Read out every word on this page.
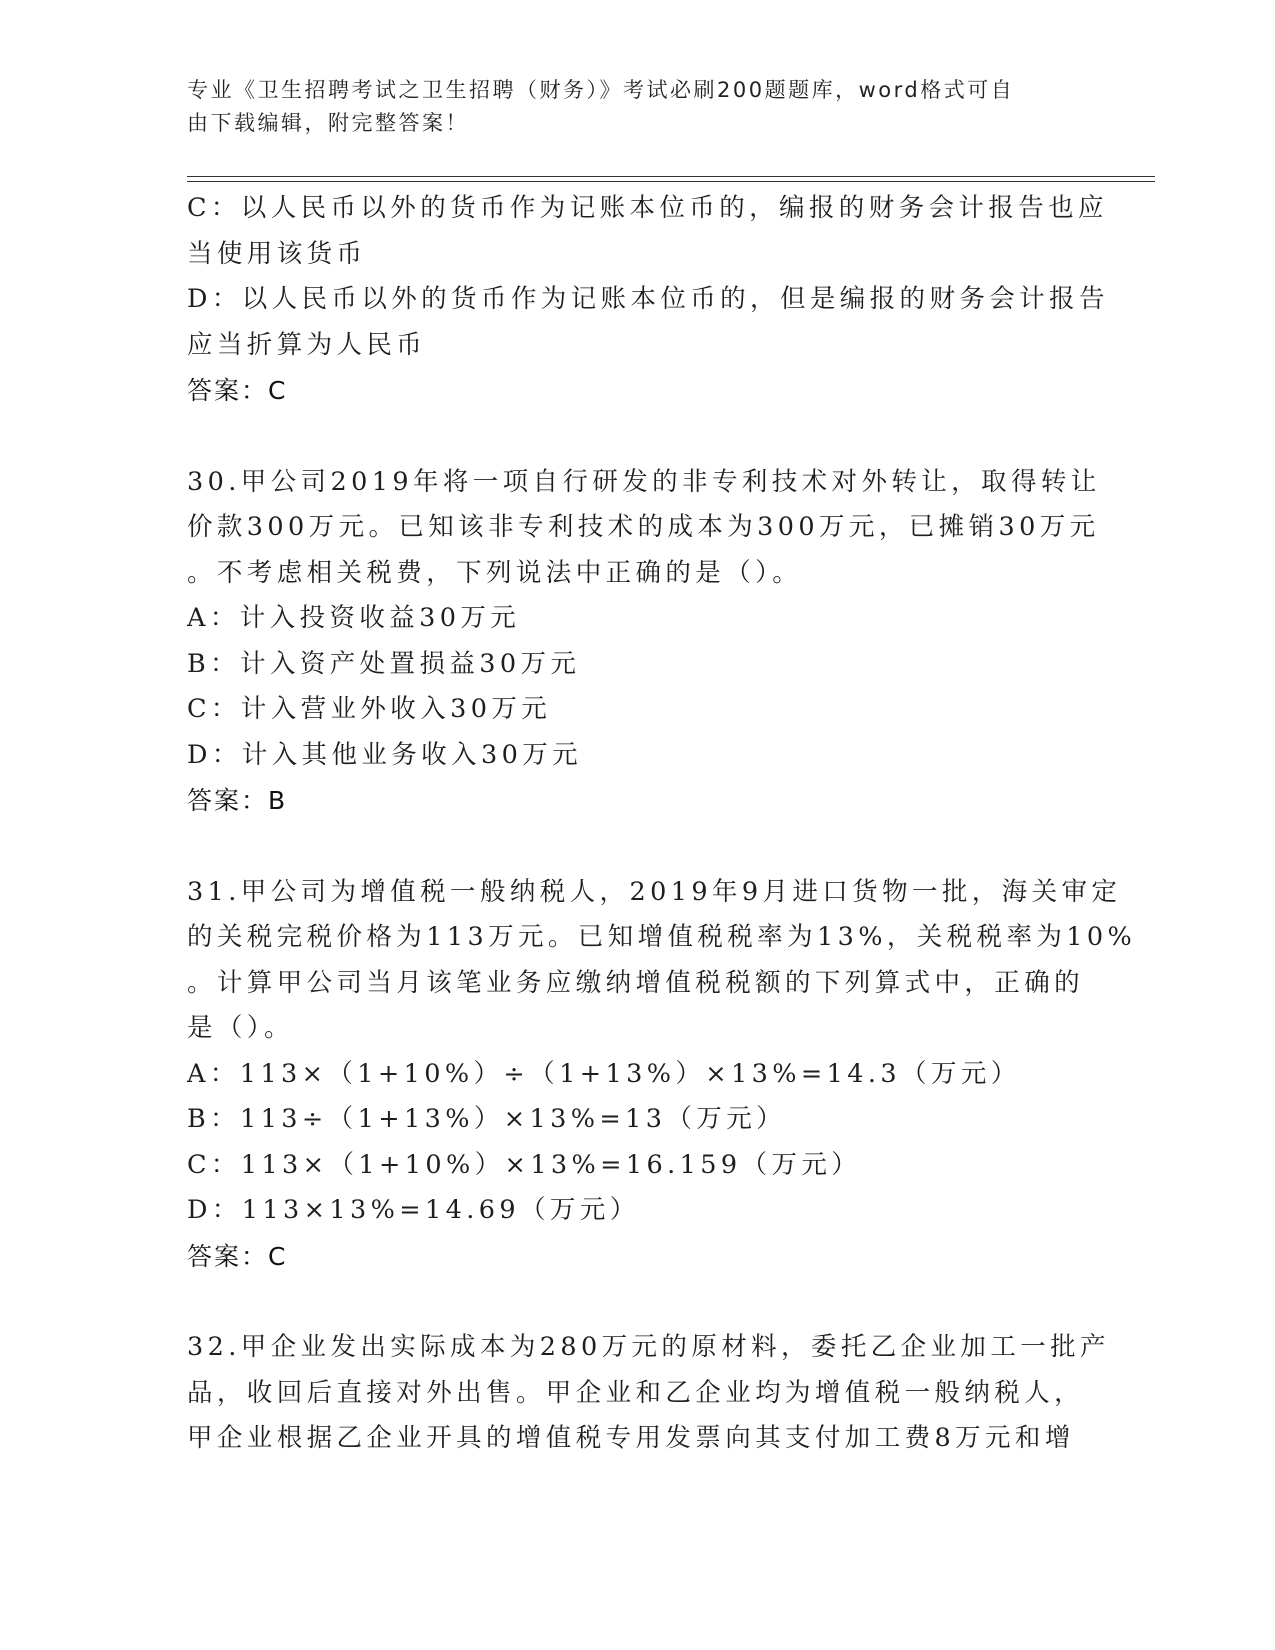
专业《卫生招聘考试之卫生招聘（财务）》考试必刷200题题库，word格式可自
由下载编辑，附完整答案！
C：以人民币以外的货币作为记账本位币的，编报的财务会计报告也应
当使用该货币
D：以人民币以外的货币作为记账本位币的，但是编报的财务会计报告
应当折算为人民币
答案：C
30.甲公司2019年将一项自行研发的非专利技术对外转让，取得转让
价款300万元。已知该非专利技术的成本为300万元，已摊销30万元
。不考虑相关税费，下列说法中正确的是（）。
A：计入投资收益30万元
B：计入资产处置损益30万元
C：计入营业外收入30万元
D：计入其他业务收入30万元
答案：B
31.甲公司为增值税一般纳税人，2019年9月进口货物一批，海关审定
的关税完税价格为113万元。已知增值税税率为13%，关税税率为10%
。计算甲公司当月该笔业务应缴纳增值税税额的下列算式中，正确的
是（）。
A：113×（1+10%）÷（1+13%）×13%=14.3（万元）
B：113÷（1+13%）×13%=13（万元）
C：113×（1+10%）×13%=16.159（万元）
D：113×13%=14.69（万元）
答案：C
32.甲企业发出实际成本为280万元的原材料，委托乙企业加工一批产
品，收回后直接对外出售。甲企业和乙企业均为增值税一般纳税人，
甲企业根据乙企业开具的增值税专用发票向其支付加工费8万元和增
